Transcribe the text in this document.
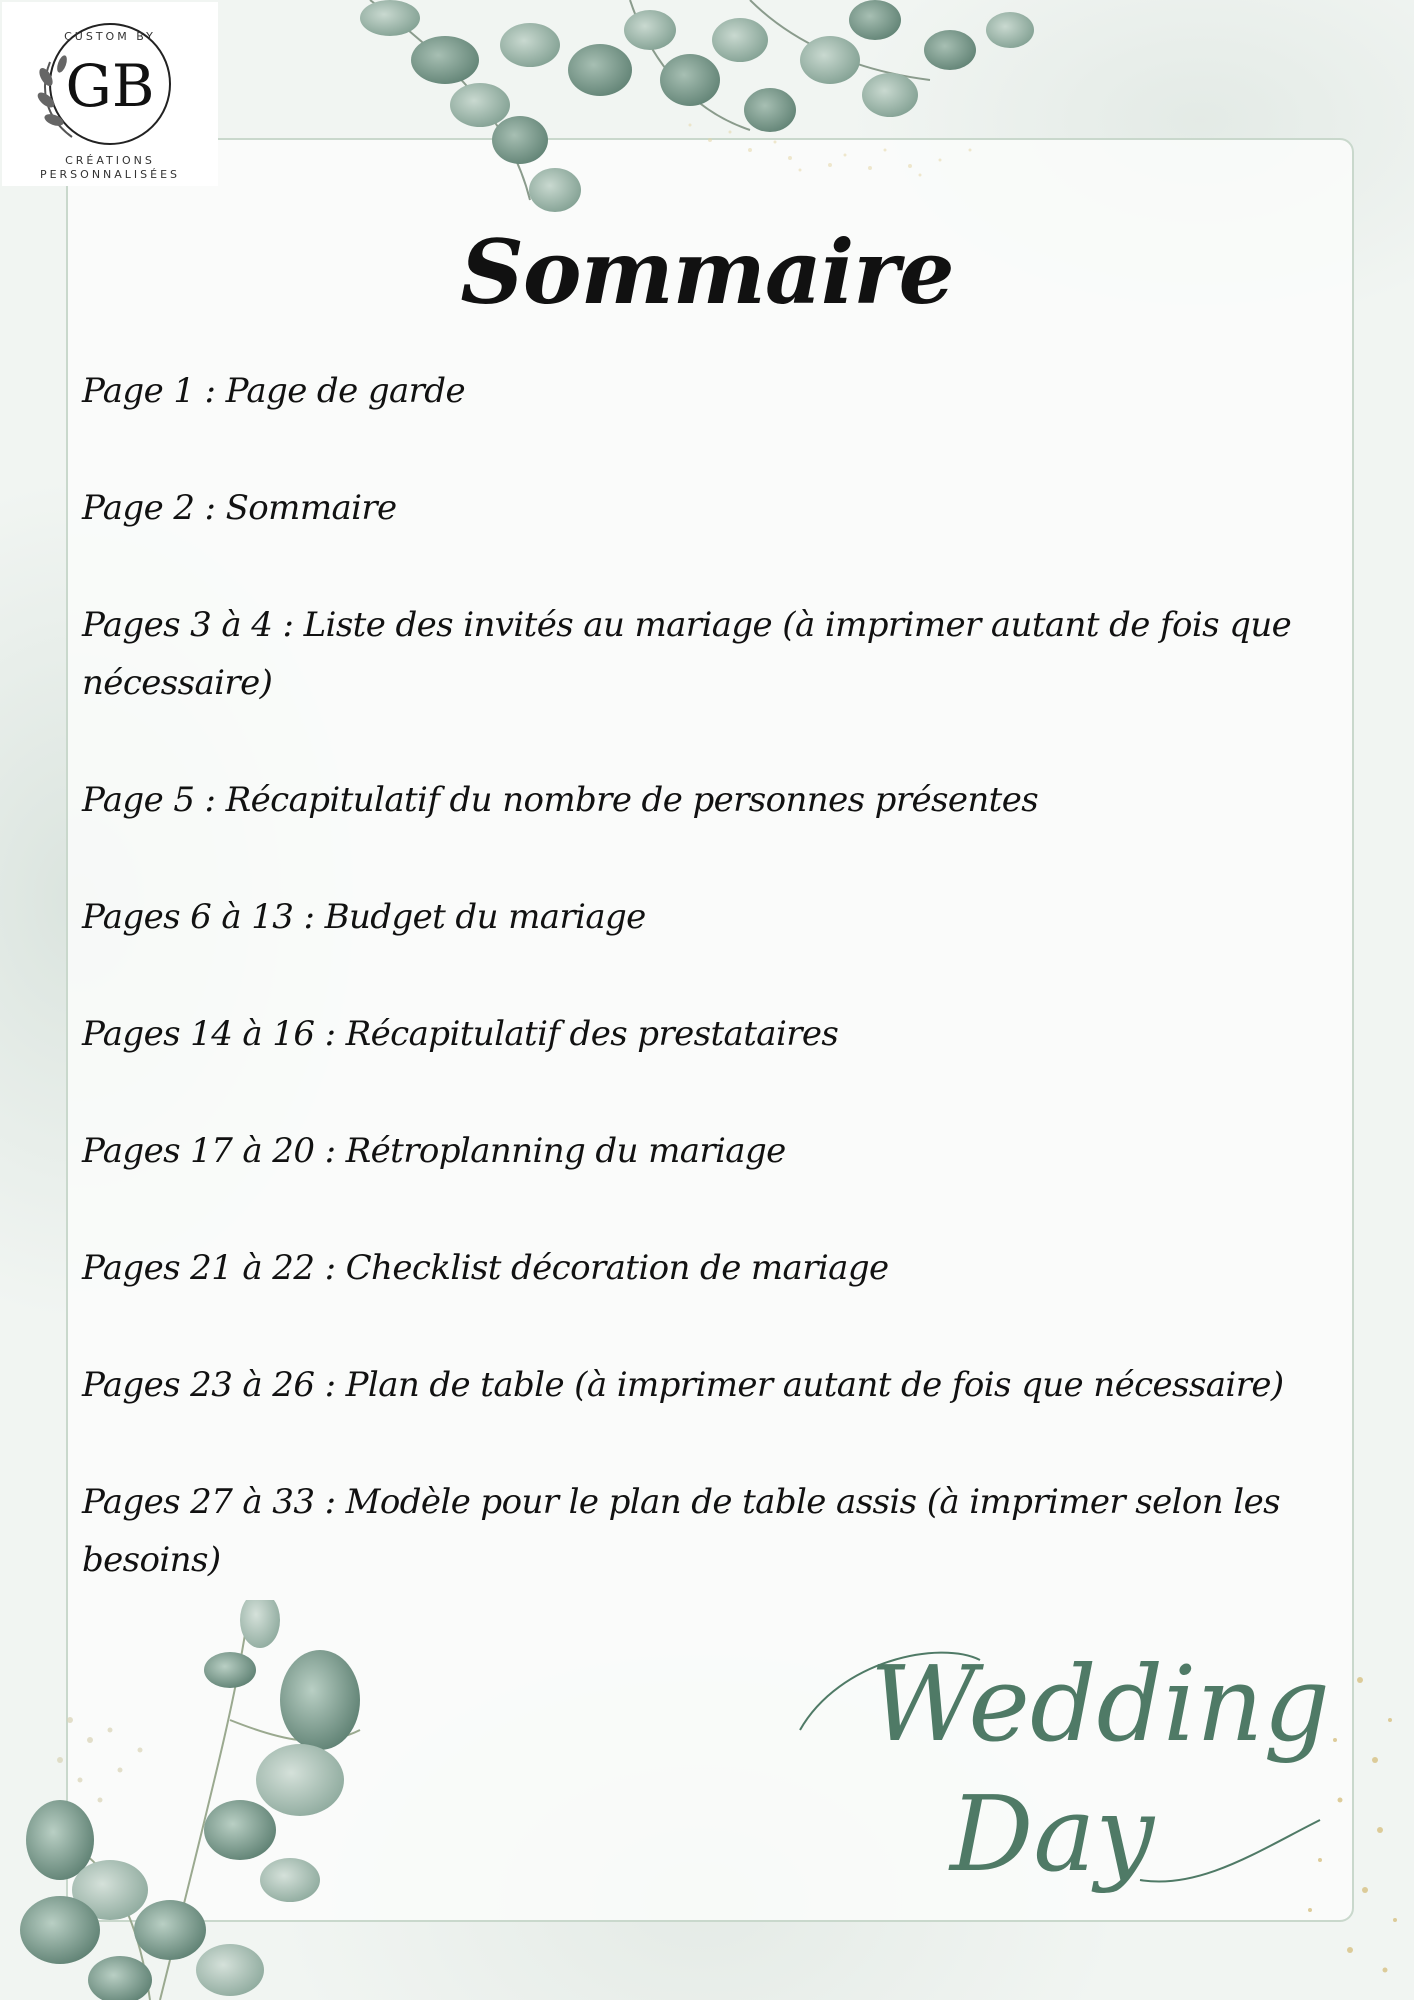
CUSTOM BY
GB
CRÉATIONS
PERSONNALISÉES
Sommaire
Page 1 : Page de garde
Page 2 : Sommaire
Pages 3 à 4 : Liste des invités au mariage (à imprimer autant de fois que nécessaire)
Page 5 : Récapitulatif du nombre de personnes présentes
Pages 6 à 13 : Budget du mariage
Pages 14 à 16 : Récapitulatif des prestataires
Pages 17 à 20 : Rétroplanning du mariage
Pages 21 à 22 : Checklist décoration de mariage
Pages 23 à 26 : Plan de table (à imprimer autant de fois que nécessaire)
Pages 27 à 33 : Modèle pour le plan de table assis (à imprimer selon les besoins)
Wedding
Day
